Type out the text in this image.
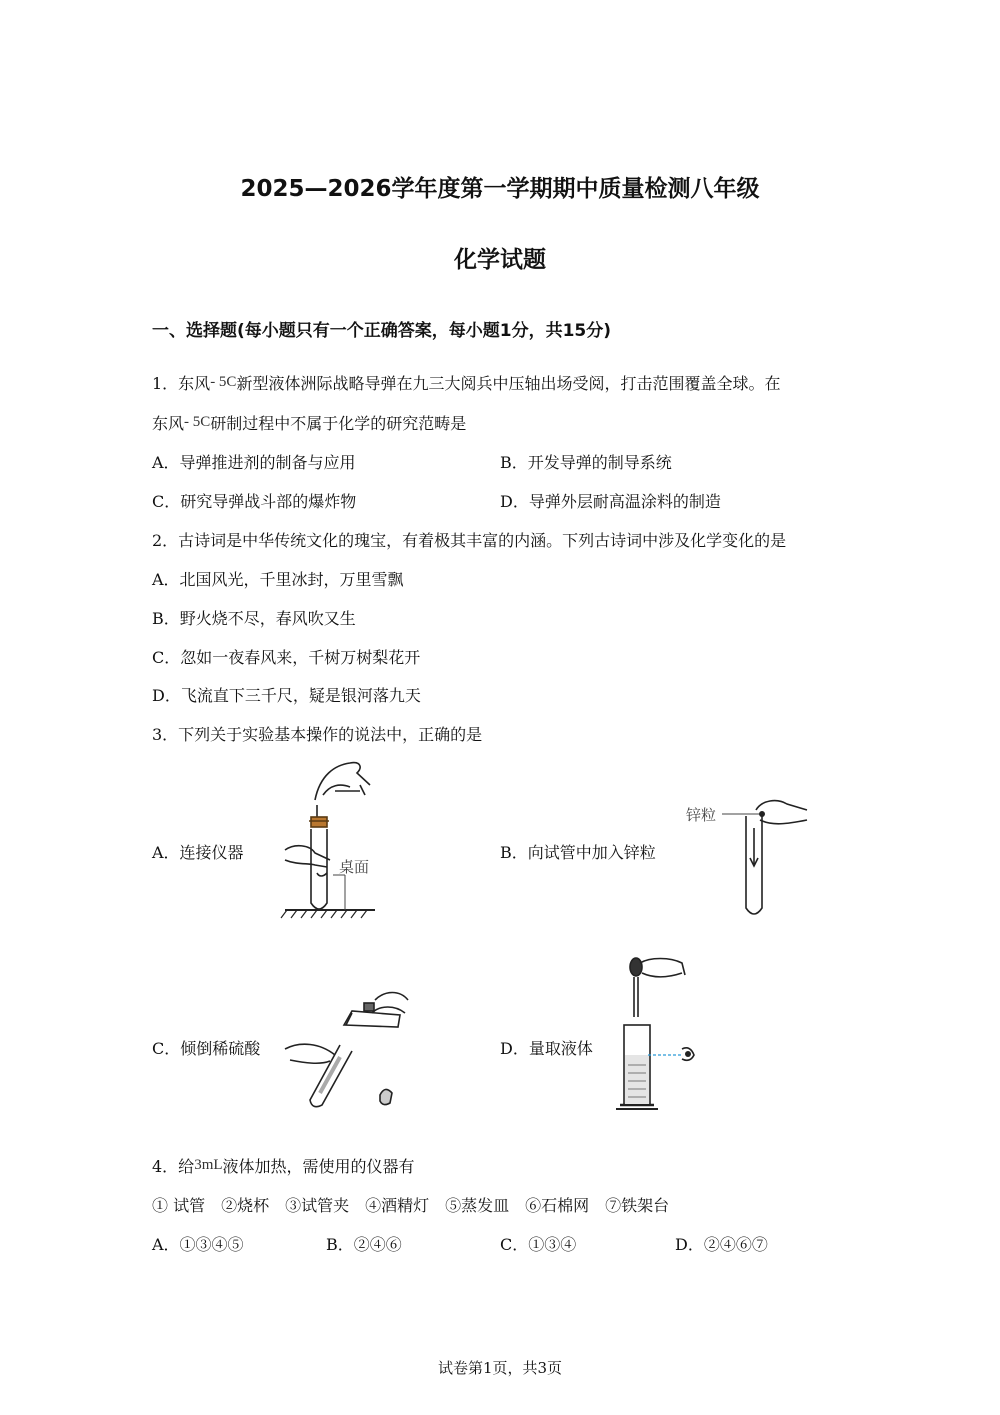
2025—2026学年度第一学期期中质量检测八年级
化学试题
一、选择题(每小题只有一个正确答案，每小题1分，共15分)
1．东风- 5C新型液体洲际战略导弹在九三大阅兵中压轴出场受阅，打击范围覆盖全球。在
东风- 5C研制过程中不属于化学的研究范畴是
A．导弹推进剂的制备与应用	B．开发导弹的制导系统
C．研究导弹战斗部的爆炸物	D．导弹外层耐高温涂料的制造
2．古诗词是中华传统文化的瑰宝，有着极其丰富的内涵。下列古诗词中涉及化学变化的是
A．北国风光，千里冰封，万里雪飘
B．野火烧不尽，春风吹又生
C．忽如一夜春风来，千树万树梨花开
D．飞流直下三千尺，疑是银河落九天
3．下列关于实验基本操作的说法中，正确的是
A．连接仪器	B．向试管中加入锌粒
C．倾倒稀硫酸	D．量取液体
桌面
锌粒
4．给3mL液体加热，需使用的仪器有
① 试管　②烧杯　③试管夹　④酒精灯　⑤蒸发皿　⑥石棉网　⑦铁架台
A．①③④⑤	B．②④⑥	C．①③④	D．②④⑥⑦
试卷第1页，共3页
